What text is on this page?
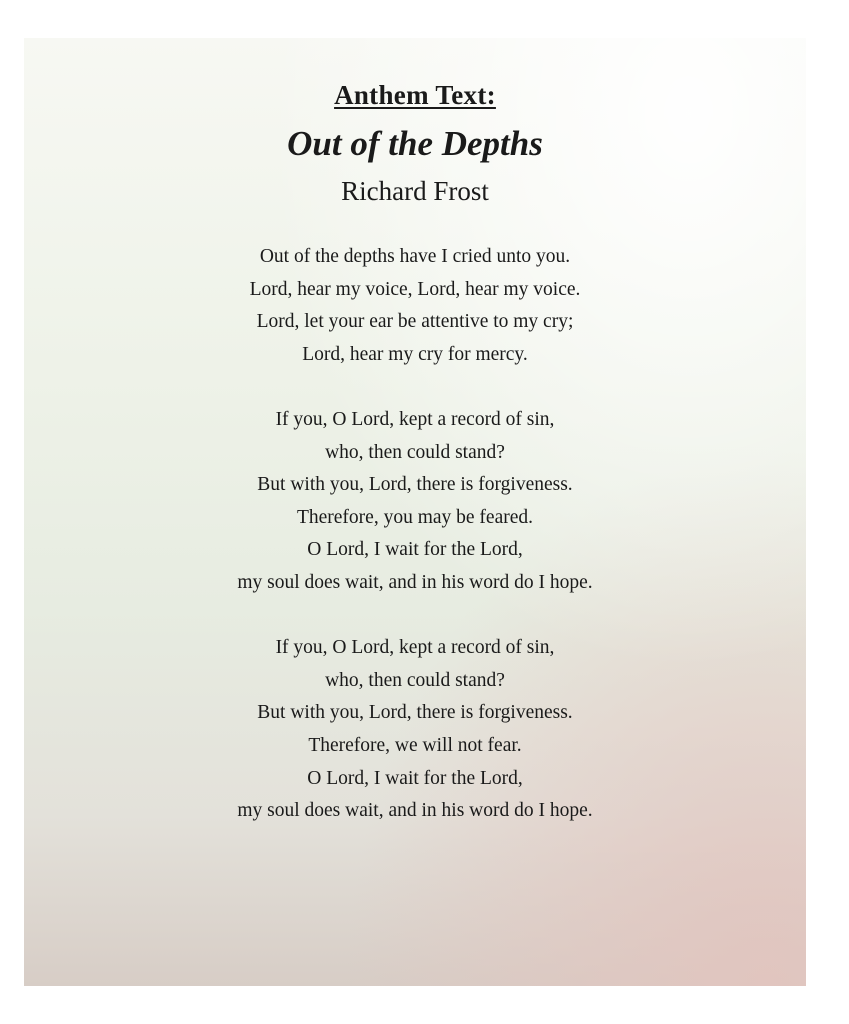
Anthem Text:
Out of the Depths
Richard Frost
Out of the depths have I cried unto you.
Lord, hear my voice, Lord, hear my voice.
Lord, let your ear be attentive to my cry;
Lord, hear my cry for mercy.
If you, O Lord, kept a record of sin,
who, then could stand?
But with you, Lord, there is forgiveness.
Therefore, you may be feared.
O Lord, I wait for the Lord,
my soul does wait, and in his word do I hope.
If you, O Lord, kept a record of sin,
who, then could stand?
But with you, Lord, there is forgiveness.
Therefore, we will not fear.
O Lord, I wait for the Lord,
my soul does wait, and in his word do I hope.
